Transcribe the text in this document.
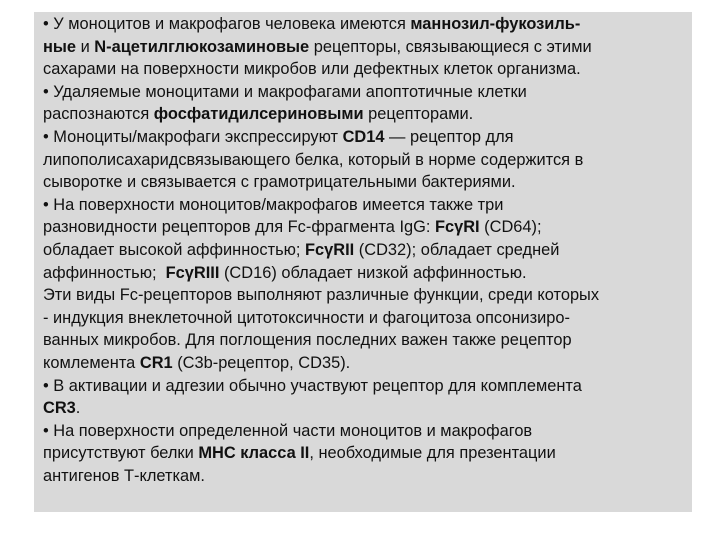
• У моноцитов и макрофагов человека имеются маннозил-фукозиль-
ные и N-ацетилглюкозаминовые рецепторы, связывающиеся с этими
сахарами на поверхности микробов или дефектных клеток организма.
• Удаляемые моноцитами и макрофагами апоптотичные клетки
распознаются фосфатидилсериновыми рецепторами.
• Моноциты/макрофаги экспрессируют CD14 — рецептор для
липополисахаридсвязывающего белка, который в норме содержится в
сыворотке и связывается с грамотрицательными бактериями.
• На поверхности моноцитов/макрофагов имеется также три
разновидности рецепторов для Fc-фрагмента IgG: FcγRI (CD64);
обладает высокой аффинностью; FcγRII (CD32); обладает средней
аффинностью;  FcγRIII (CD16) обладает низкой аффинностью.
Эти виды Fc-рецепторов выполняют различные функции, среди которых
- индукция внеклеточной цитотоксичности и фагоцитоза опсонизиро-
ванных микробов. Для поглощения последних важен также рецептор
комлемента CR1 (C3b-рецептор, CD35).
• В активации и адгезии обычно участвуют рецептор для комплемента
CR3.
• На поверхности определенной части моноцитов и макрофагов
присутствуют белки МНС класса II, необходимые для презентации
антигенов Т-клеткам.
